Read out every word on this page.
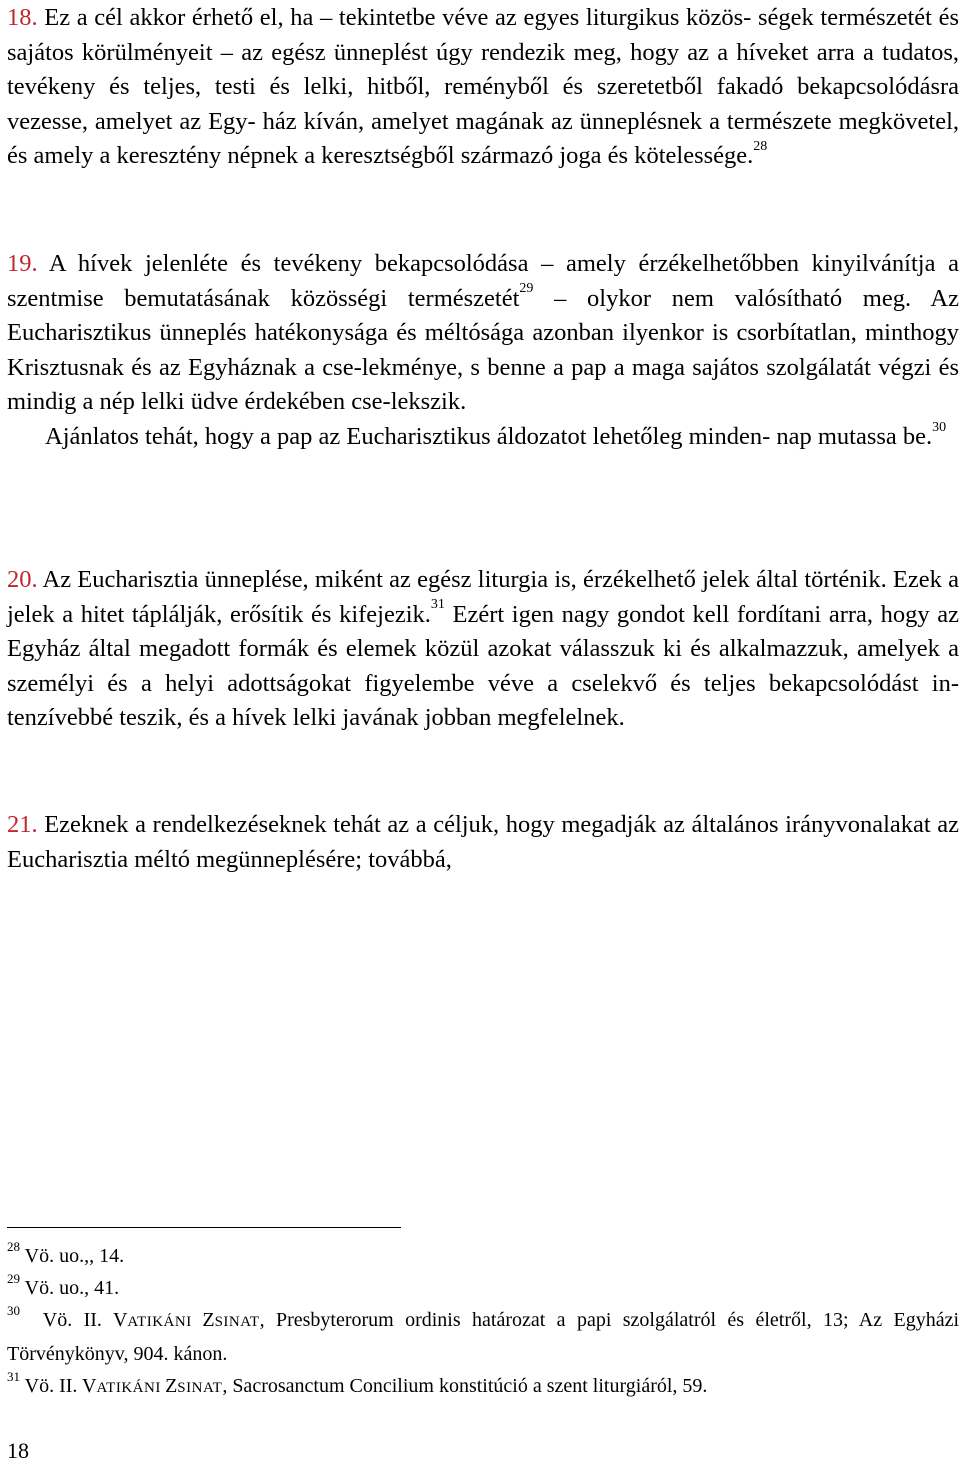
18. Ez a cél akkor érhető el, ha – tekintetbe véve az egyes liturgikus közös- ségek természetét és sajátos körülményeit – az egész ünneplést úgy rendezik meg, hogy az a híveket arra a tudatos, tevékeny és teljes, testi és lelki, hitből, reményből és szeretetből fakadó bekapcsolódásra vezesse, amelyet az Egy- ház kíván, amelyet magának az ünneplésnek a természete megkövetel, és amely a keresztény népnek a keresztségből származó joga és kötelessége.$^{28}$

19. A hívek jelenléte és tevékeny bekapcsolódása – amely érzékelhetőbben kinyilvánítja a szentmise bemutatásának közösségi természetét$^{29}$ – olykor nem valósítható meg. Az Eucharisztikus ünneplés hatékonysága és méltósága azonban ilyenkor is csorbítatlan, minthogy Krisztusnak és az Egyháznak a cse-lekménye, s benne a pap a maga sajátos szolgálatát végzi és mindig a nép lelki üdve érdekében cse-lekszik.

Ajánlatos tehát, hogy a pap az Eucharisztikus áldozatot lehetőleg minden- nap mutassa be.$^{30}$

20. Az Eucharisztia ünneplése, miként az egész liturgia is, érzékelhető jelek által történik. Ezek a jelek a hitet táplálják, erősítik és kifejezik.$^{31}$ Ezért igen nagy gondot kell fordítani arra, hogy az Egyház által megadott formák és elemek közül azokat válasszuk ki és alkalmazzuk, amelyek a személyi és a helyi adottságokat figyelembe véve a cselekvő és teljes bekapcsolódást in- tenzívebbé teszik, és a hívek lelki javának jobban megfelelnek.

21. Ezeknek a rendelkezéseknek tehát az a céljuk, hogy megadják az általános irányvonalakat az Eucharisztia méltó megünneplésére; továbbá,

$^{28}$ Vö. uo.,, 14.

$^{29}$ Vö. uo., 41.

$^{30}$ Vö. II. VATIKÁNI ZSINAT, Presbyterorum ordinis határozat a papi szolgálatról és életről, 13; Az Egyházi Törvénykönyv, 904. kánon.

$^{31}$ Vö. II. VATIKÁNI ZSINAT, Sacrosanctum Concilium konstitúció a szent liturgiáról, 59.

18
